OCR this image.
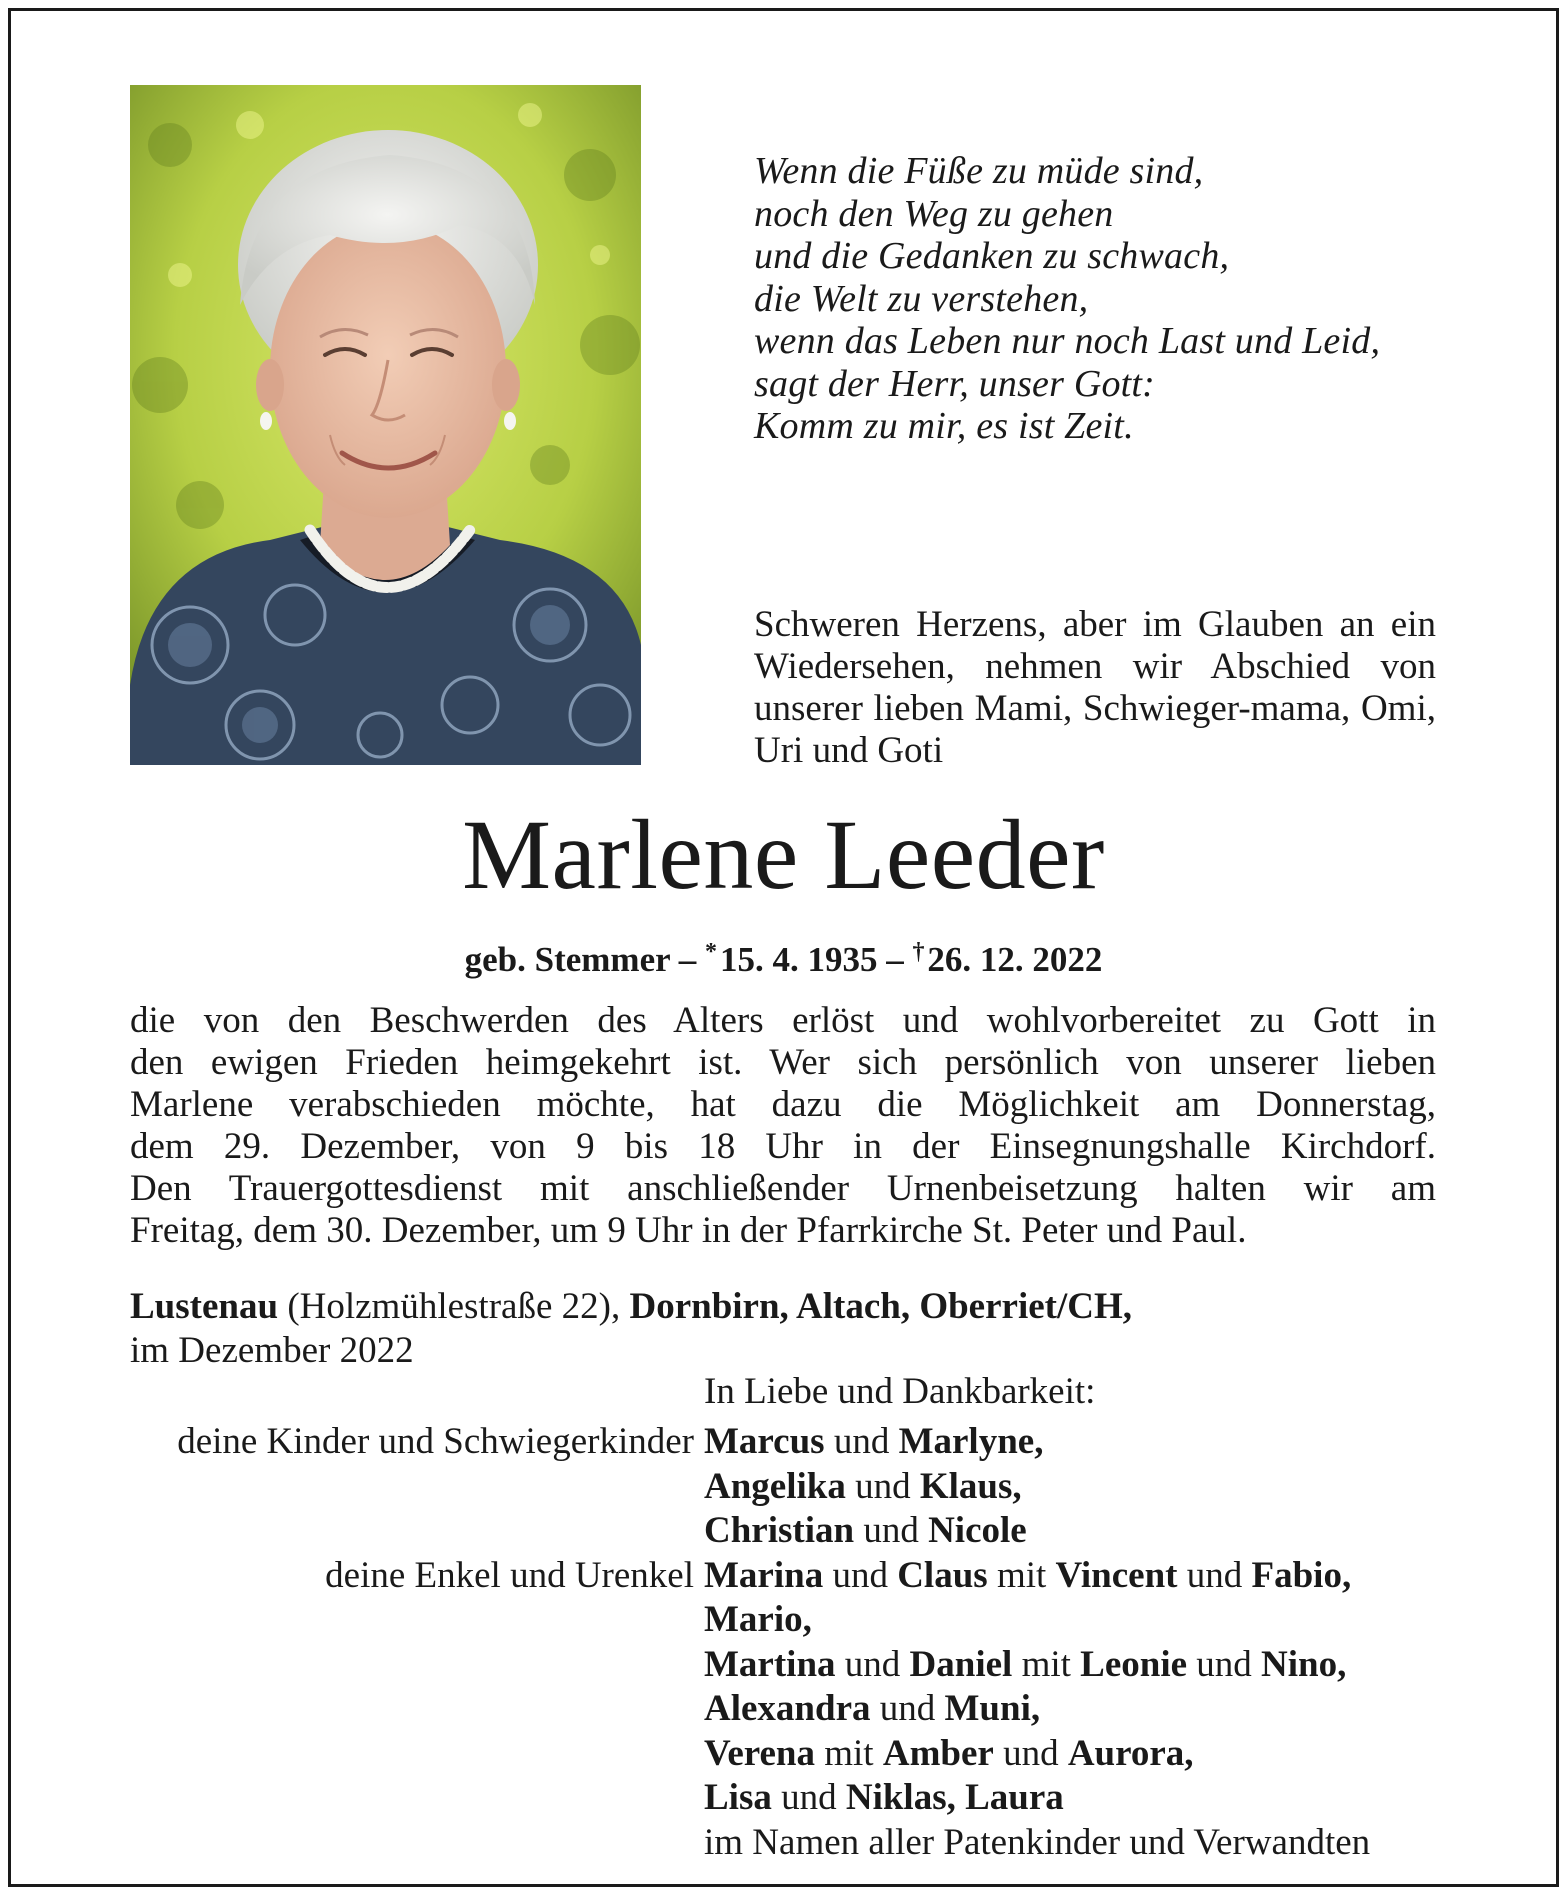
Wenn die Füße zu müde sind,
noch den Weg zu gehen
und die Gedanken zu schwach,
die Welt zu verstehen,
wenn das Leben nur noch Last und Leid,
sagt der Herr, unser Gott:
Komm zu mir, es ist Zeit.
Schweren Herzens, aber im Glauben an ein Wiedersehen, nehmen wir Abschied von unserer lieben Mami, Schwieger-mama, Omi, Uri und Goti
Marlene Leeder
geb. Stemmer – * 15. 4. 1935 – † 26. 12. 2022
die von den Beschwerden des Alters erlöst und wohlvorbereitet zu Gott in
den ewigen Frieden heimgekehrt ist. Wer sich persönlich von unserer lieben
Marlene verabschieden möchte, hat dazu die Möglichkeit am Donnerstag,
dem 29. Dezember, von 9 bis 18 Uhr in der Einsegnungshalle Kirchdorf.
Den Trauergottesdienst mit anschließender Urnenbeisetzung halten wir am
Freitag, dem 30. Dezember, um 9 Uhr in der Pfarrkirche St. Peter und Paul.
Lustenau (Holzmühlestraße 22), Dornbirn, Altach, Oberriet/CH,
im Dezember 2022
In Liebe und Dankbarkeit:
deine Kinder und Schwiegerkinder Marcus und Marlyne,
Angelika und Klaus,
Christian und Nicole
deine Enkel und Urenkel Marina und Claus mit Vincent und Fabio,
Mario,
Martina und Daniel mit Leonie und Nino,
Alexandra und Muni,
Verena mit Amber und Aurora,
Lisa und Niklas, Laura
im Namen aller Patenkinder und Verwandten
